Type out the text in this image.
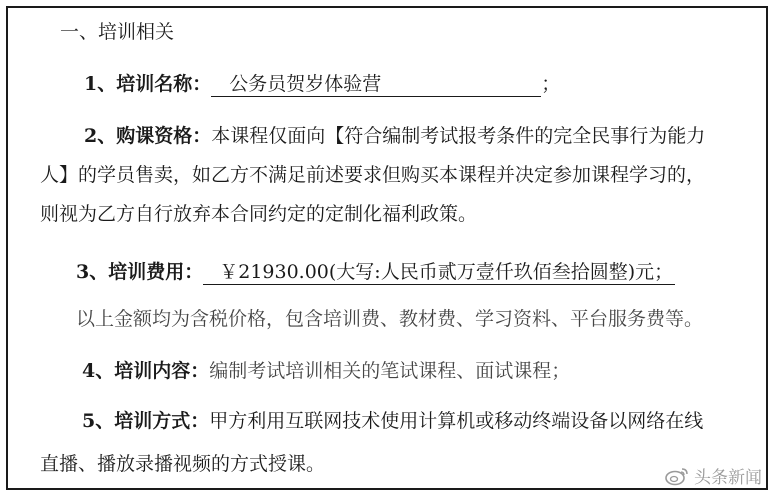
一、培训相关
1、培训名称： 公务员贺岁体验营	；
2、购课资格：本课程仅面向【符合编制考试报考条件的完全民事行为能力
人】的学员售卖，如乙方不满足前述要求但购买本课程并决定参加课程学习的，
则视为乙方自行放弃本合同约定的定制化福利政策。
3、培训费用： ￥21930.00(大写:人民币贰万壹仟玖佰叁拾圆整)元；
以上金额均为含税价格，包含培训费、教材费、学习资料、平台服务费等。
4、培训内容：编制考试培训相关的笔试课程、面试课程；
5、培训方式：甲方利用互联网技术使用计算机或移动终端设备以网络在线
直播、播放录播视频的方式授课。
头条新闻
